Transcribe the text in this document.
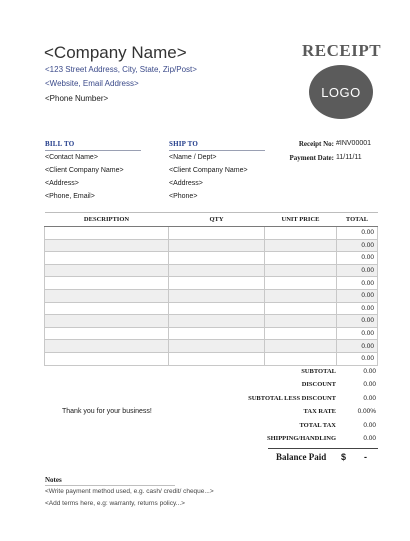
<Company Name>
<123 Street Address, City, State, Zip/Post>
<Website, Email Address>
<Phone Number>
RECEIPT
LOGO
BILL TO
<Contact Name>
<Client Company Name>
<Address>
<Phone, Email>
SHIP TO
<Name / Dept>
<Client Company Name>
<Address>
<Phone>
Receipt No: #INV00001
Payment Date: 11/11/11
DESCRIPTION	QTY	UNIT PRICE	TOTAL
			0.00
			0.00
			0.00
			0.00
			0.00
			0.00
			0.00
			0.00
			0.00
			0.00
			0.00
SUBTOTAL	0.00
DISCOUNT	0.00
SUBTOTAL LESS DISCOUNT	0.00
TAX RATE	0.00%
TOTAL TAX	0.00
SHIPPING/HANDLING	0.00
Thank you for your business!
Balance Paid $ -
Notes
<Write payment method used, e.g. cash/ credit/ cheque...>
<Add terms here, e.g: warranty, returns policy...>
